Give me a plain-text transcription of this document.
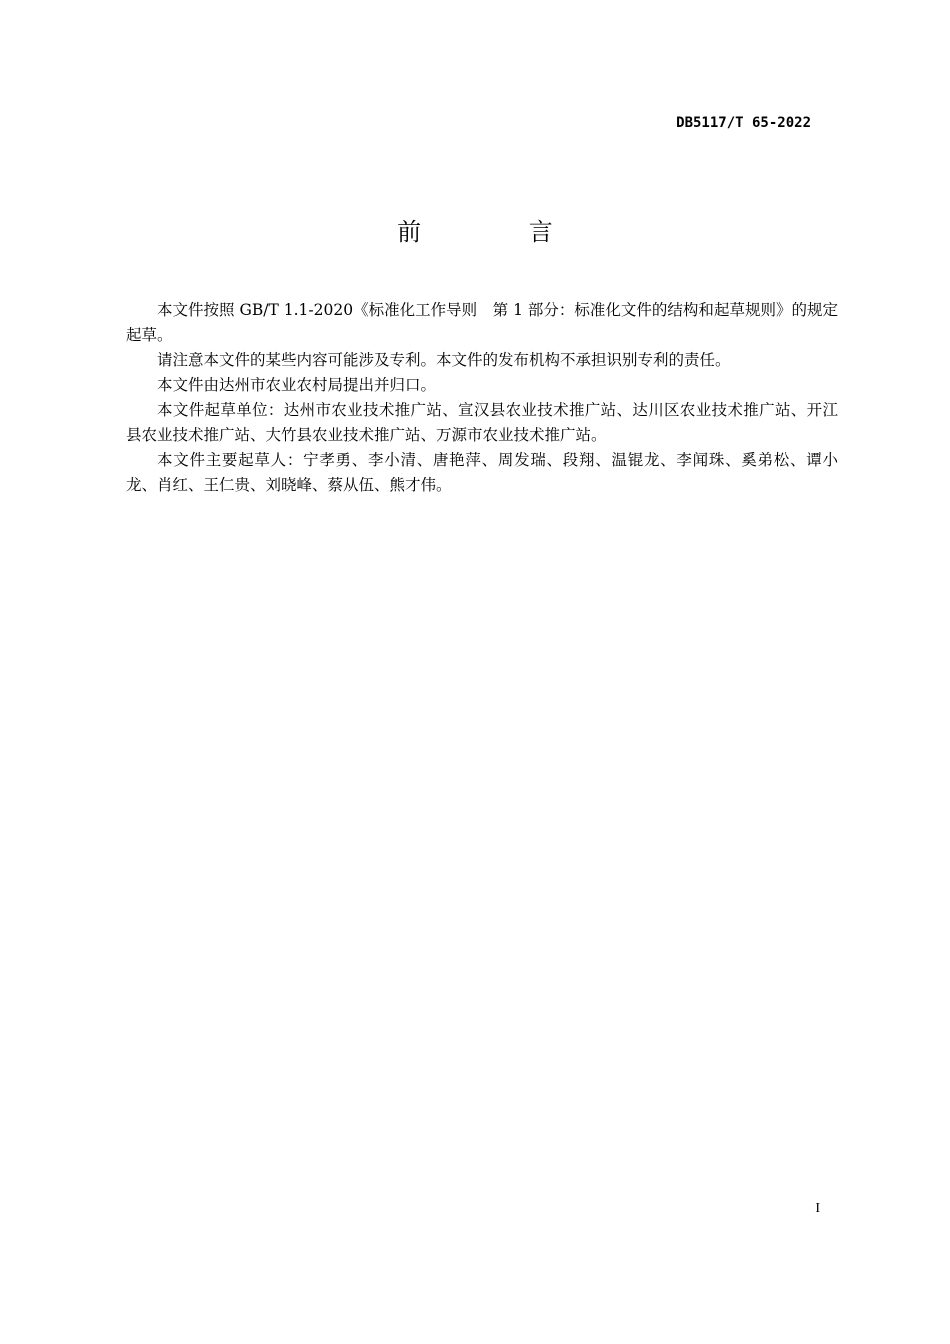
DB5117/T 65-2022
前 言

本文件按照 GB/T 1.1-2020《标准化工作导则　第 1 部分：标准化文件的结构和起草规则》的规定起草。

请注意本文件的某些内容可能涉及专利。本文件的发布机构不承担识别专利的责任。

本文件由达州市农业农村局提出并归口。

本文件起草单位：达州市农业技术推广站、宣汉县农业技术推广站、达川区农业技术推广站、开江县农业技术推广站、大竹县农业技术推广站、万源市农业技术推广站。

本文件主要起草人：宁孝勇、李小清、唐艳萍、周发瑞、段翔、温锟龙、李闻珠、奚弟松、谭小龙、肖红、王仁贵、刘晓峰、蔡从伍、熊才伟。

I
